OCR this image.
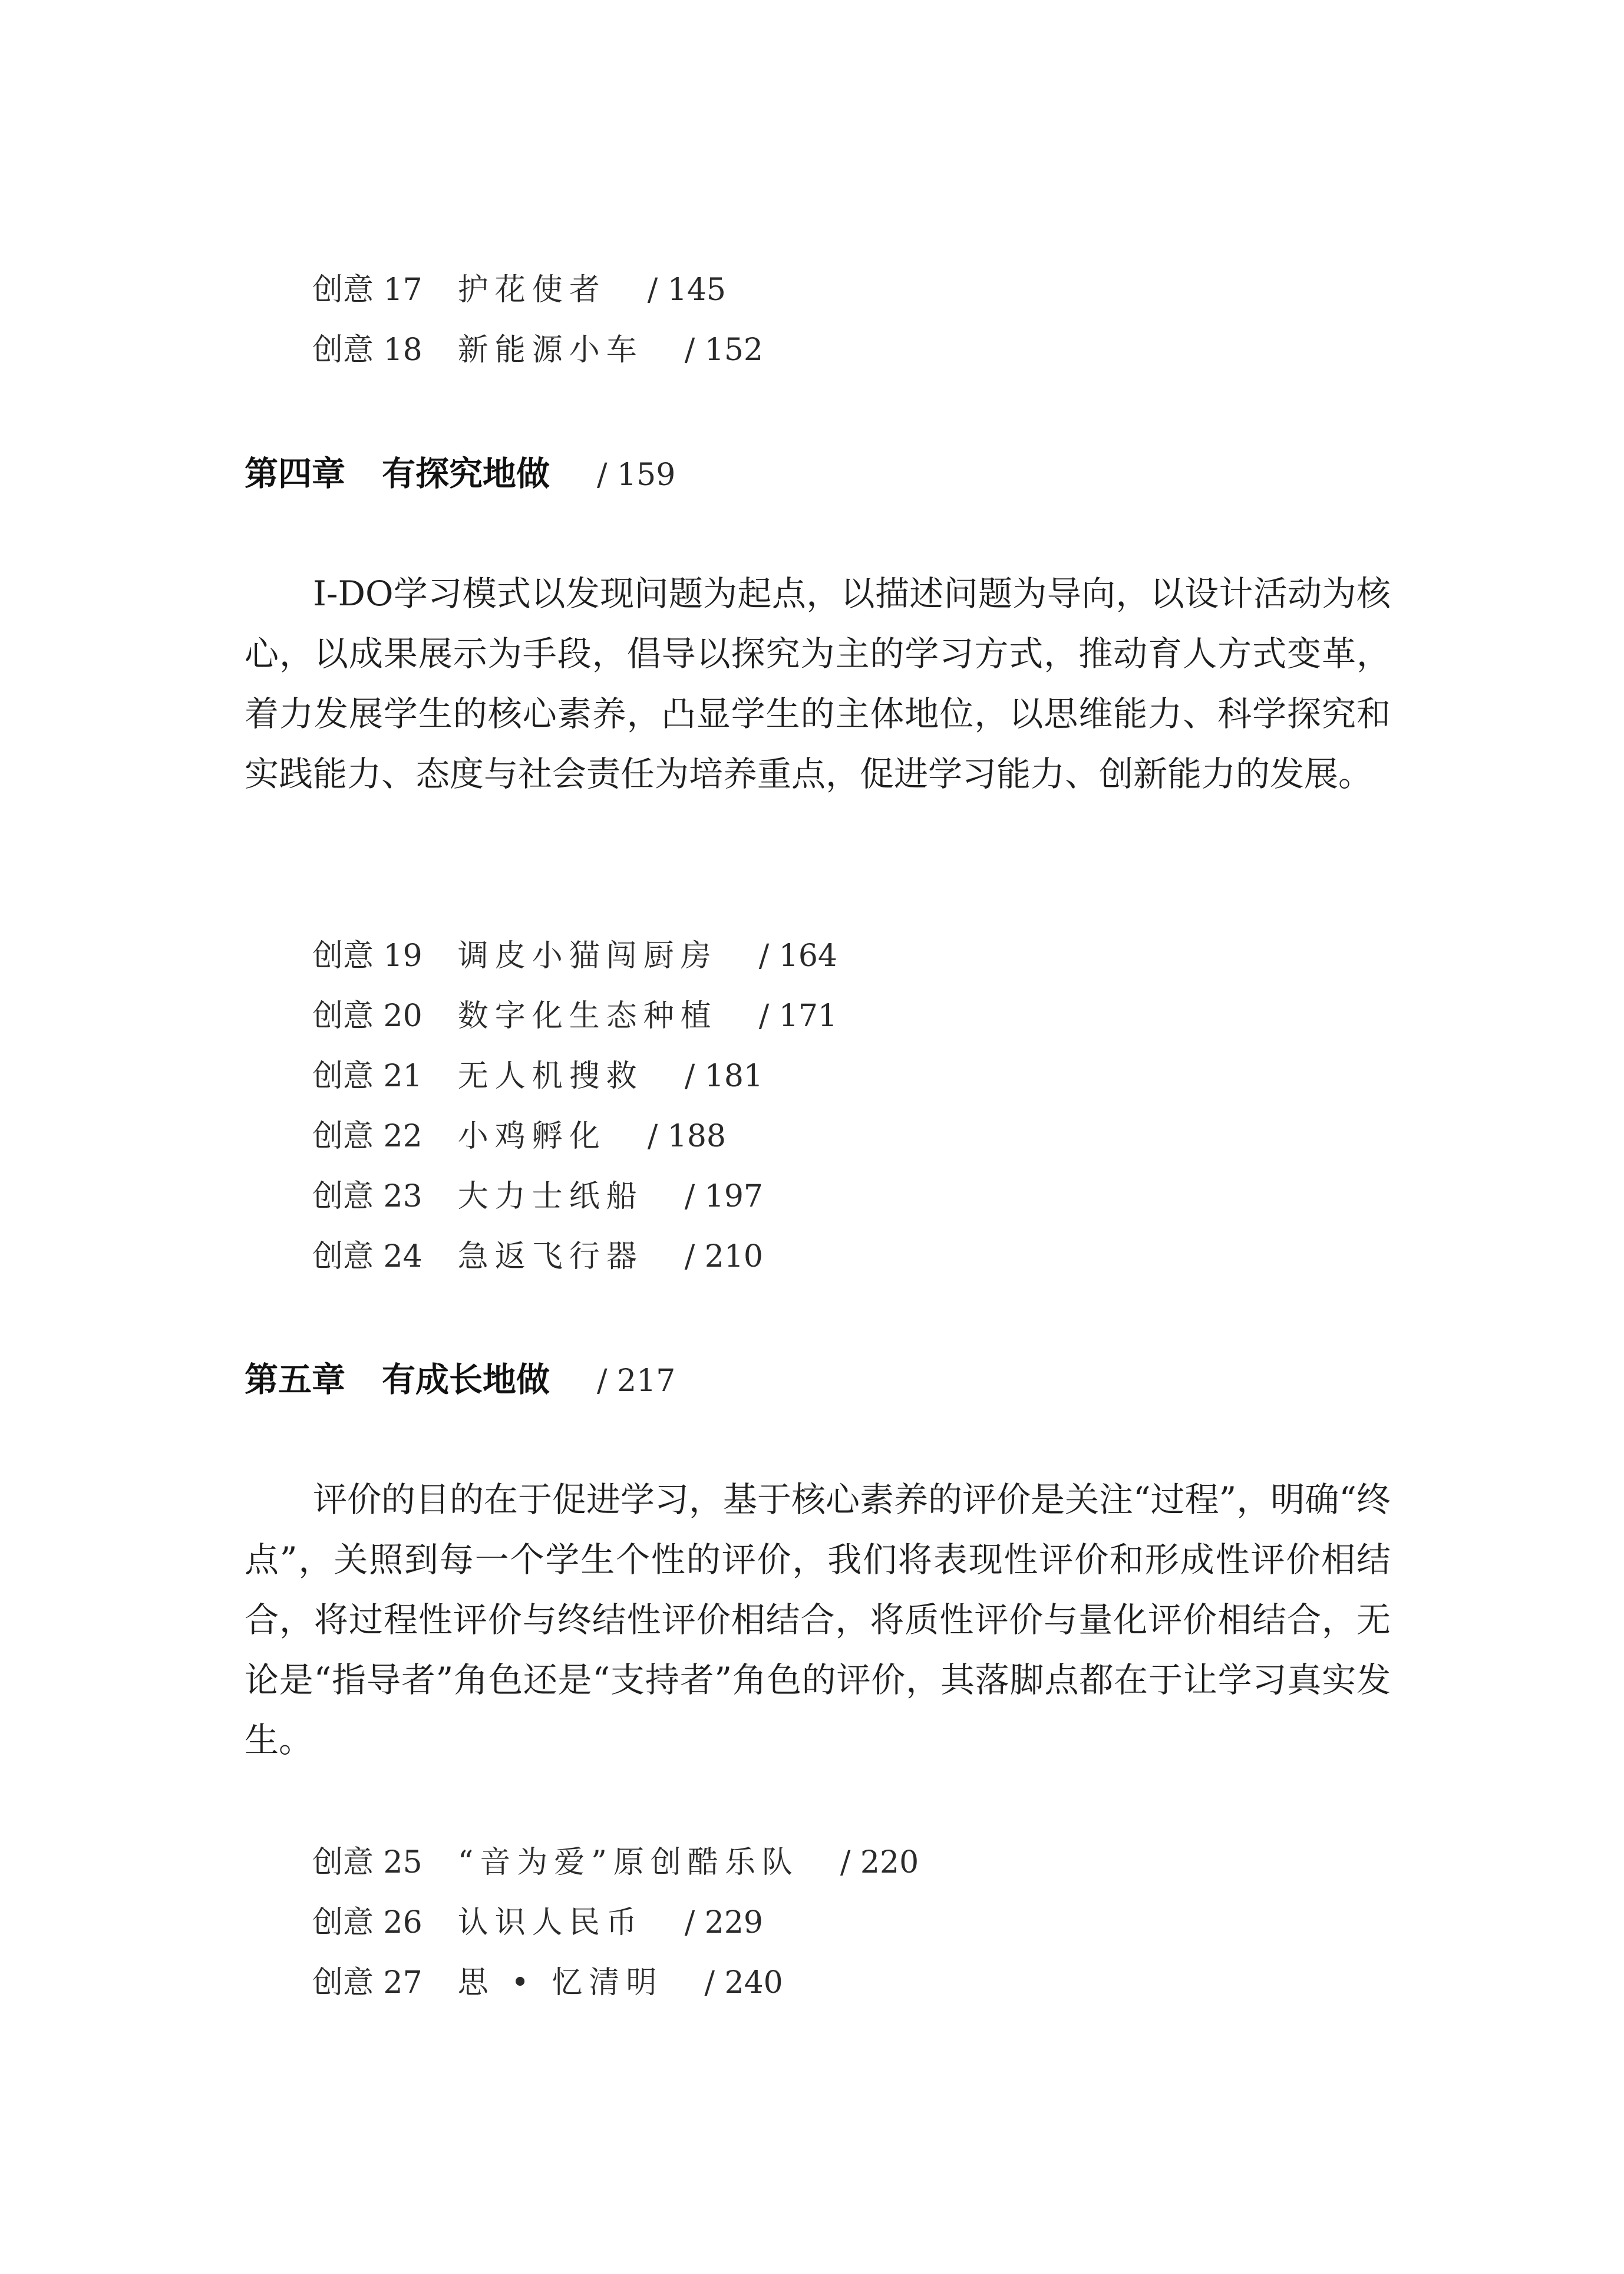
创意 17 护花使者 / 145
创意 18 新能源小车 / 152
第四章 有探究地做 / 159

I-DO学习模式以发现问题为起点，以描述问题为导向，以设计活动为核心，以成果展示为手段，倡导以探究为主的学习方式，推动育人方式变革，着力发展学生的核心素养，凸显学生的主体地位，以思维能力、科学探究和实践能力、态度与社会责任为培养重点，促进学习能力、创新能力的发展。

创意 19 调皮小猫闯厨房 / 164
创意 20 数字化生态种植 / 171
创意 21 无人机搜救 / 181
创意 22 小鸡孵化 / 188
创意 23 大力士纸船 / 197
创意 24 急返飞行器 / 210
第五章 有成长地做 / 217

评价的目的在于促进学习，基于核心素养的评价是关注“过程”，明确“终点”，关照到每一个学生个性的评价，我们将表现性评价和形成性评价相结合，将过程性评价与终结性评价相结合，将质性评价与量化评价相结合，无论是“指导者”角色还是“支持者”角色的评价，其落脚点都在于让学习真实发生。

创意 25 “音为爱”原创酷乐队 / 220
创意 26 认识人民币 / 229
创意 27 思 • 忆清明 / 240
